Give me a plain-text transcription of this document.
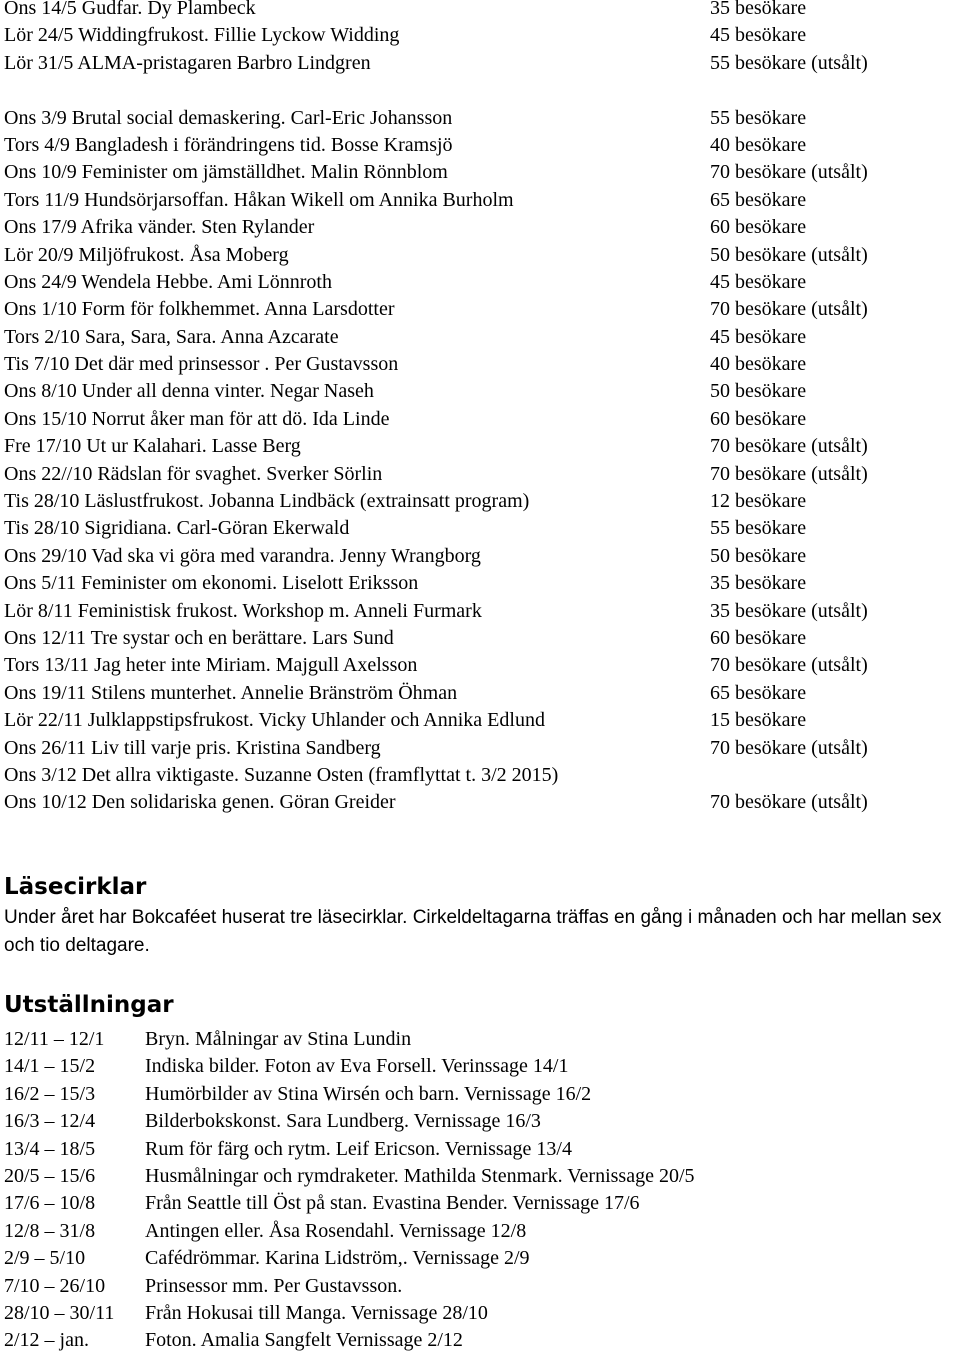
Ons 14/5 Gudfar. Dy Plambeck	35 besökare
Lör 24/5 Widdingfrukost. Fillie Lyckow Widding	45 besökare
Lör 31/5 ALMA-pristagaren Barbro Lindgren	55 besökare (utsålt)
Ons 3/9 Brutal social demaskering. Carl-Eric Johansson	55 besökare
Tors 4/9 Bangladesh i förändringens tid. Bosse Kramsjö	40 besökare
Ons 10/9 Feminister om jämställdhet. Malin Rönnblom	70 besökare (utsålt)
Tors 11/9 Hundsörjarsoffan. Håkan Wikell om Annika Burholm	65 besökare
Ons 17/9 Afrika vänder. Sten Rylander	60 besökare
Lör 20/9 Miljöfrukost. Åsa Moberg	50 besökare (utsålt)
Ons 24/9 Wendela Hebbe. Ami Lönnroth	45 besökare
Ons 1/10 Form för folkhemmet. Anna Larsdotter	70 besökare (utsålt)
Tors 2/10 Sara, Sara, Sara. Anna Azcarate	45 besökare
Tis 7/10 Det där med prinsessor . Per Gustavsson	40 besökare
Ons 8/10 Under all denna vinter. Negar Naseh	50 besökare
Ons 15/10 Norrut åker man för att dö. Ida Linde	60 besökare
Fre 17/10 Ut ur Kalahari. Lasse Berg	70 besökare (utsålt)
Ons 22//10 Rädslan för svaghet. Sverker Sörlin	70 besökare (utsålt)
Tis 28/10 Läslustfrukost. Jobanna Lindbäck (extrainsatt program)	12 besökare
Tis 28/10 Sigridiana. Carl-Göran Ekerwald	55 besökare
Ons 29/10 Vad ska vi göra med varandra. Jenny Wrangborg	50 besökare
Ons 5/11 Feminister om ekonomi. Liselott Eriksson	35 besökare
Lör 8/11 Feministisk frukost. Workshop m. Anneli Furmark	35 besökare (utsålt)
Ons 12/11 Tre systar och en berättare. Lars Sund	60 besökare
Tors 13/11 Jag heter inte Miriam. Majgull Axelsson	70 besökare (utsålt)
Ons 19/11 Stilens munterhet. Annelie Bränström Öhman	65 besökare
Lör 22/11 Julklappstipsfrukost. Vicky Uhlander och Annika Edlund	15 besökare
Ons 26/11 Liv till varje pris. Kristina Sandberg	70 besökare (utsålt)
Ons 3/12 Det allra viktigaste. Suzanne Osten (framflyttat t. 3/2 2015)
Ons 10/12 Den solidariska genen. Göran Greider	70 besökare (utsålt)
Läsecirklar

Under året har Bokcaféet huserat tre läsecirklar. Cirkeldeltagarna träffas en gång i månaden och har mellan sex och tio deltagare.

Utställningar
12/11 – 12/1 Bryn. Målningar av Stina Lundin
14/1 – 15/2 Indiska bilder. Foton av Eva Forsell. Verinssage 14/1
16/2 – 15/3 Humörbilder av Stina Wirsén och barn. Vernissage 16/2
16/3 – 12/4 Bilderbokskonst. Sara Lundberg. Vernissage 16/3
13/4 – 18/5 Rum för färg och rytm. Leif Ericson. Vernissage 13/4
20/5 – 15/6 Husmålningar och rymdraketer. Mathilda Stenmark. Vernissage 20/5
17/6 – 10/8 Från Seattle till Öst på stan. Evastina Bender. Vernissage 17/6
12/8 – 31/8 Antingen eller. Åsa Rosendahl. Vernissage 12/8
2/9 – 5/10	Cafédrömmar. Karina Lidström,. Vernissage 2/9
7/10 – 26/10 Prinsessor mm. Per Gustavsson.
28/10 – 30/11 Från Hokusai till Manga. Vernissage 28/10
2/12 – jan.	Foton. Amalia Sangfelt Vernissage 2/12
